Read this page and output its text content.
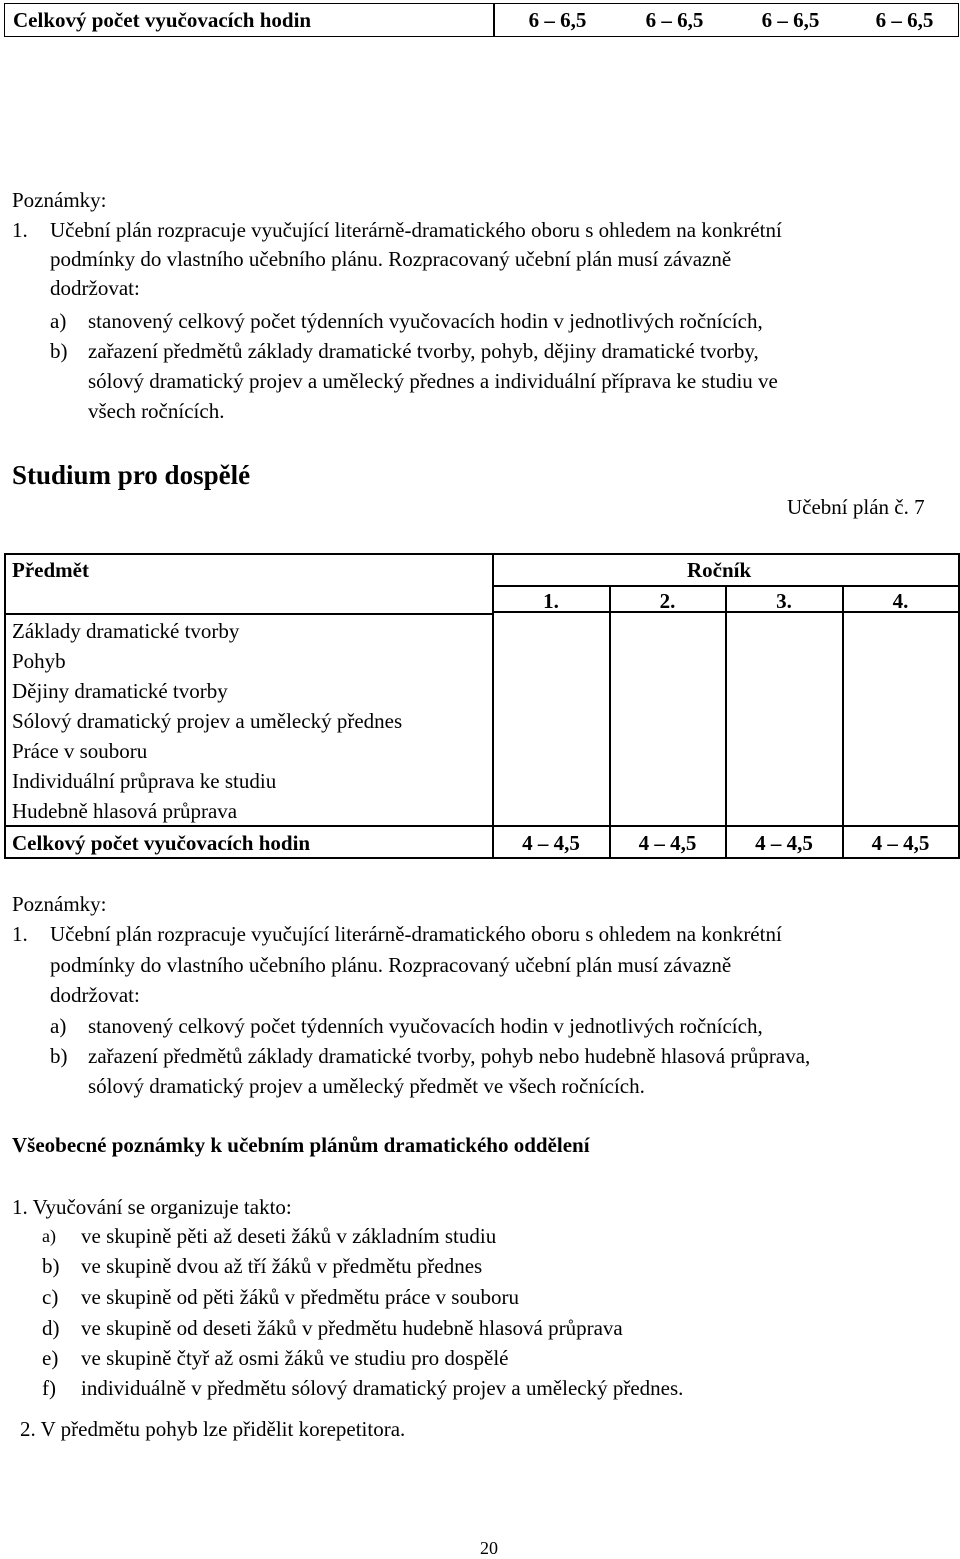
Celkový počet vyučovacích hodin	6 – 6,5	6 – 6,5	6 – 6,5	6 – 6,5
Poznámky:
1. Učební plán rozpracuje vyučující literárně-dramatického oboru s ohledem na konkrétní
podmínky do vlastního učebního plánu. Rozpracovaný učební plán musí závazně
dodržovat:
a) stanovený celkový počet týdenních vyučovacích hodin v jednotlivých ročnících,
b) zařazení předmětů základy dramatické tvorby, pohyb, dějiny dramatické tvorby,
sólový dramatický projev a umělecký přednes a individuální příprava ke studiu ve
všech ročnících.
Studium pro dospělé
Učební plán č. 7
Předmět	Ročník
1.	2.	3.	4.
Základy dramatické tvorby
Pohyb
Dějiny dramatické tvorby
Sólový dramatický projev a umělecký přednes
Práce v souboru
Individuální průprava ke studiu
Hudebně hlasová průprava
Celkový počet vyučovacích hodin	4 – 4,5	4 – 4,5	4 – 4,5	4 – 4,5
Poznámky:
1. Učební plán rozpracuje vyučující literárně-dramatického oboru s ohledem na konkrétní
podmínky do vlastního učebního plánu. Rozpracovaný učební plán musí závazně
dodržovat:
a) stanovený celkový počet týdenních vyučovacích hodin v jednotlivých ročnících,
b) zařazení předmětů základy dramatické tvorby, pohyb nebo hudebně hlasová průprava,
sólový dramatický projev a umělecký předmět ve všech ročnících.
Všeobecné poznámky k učebním plánům dramatického oddělení
1. Vyučování se organizuje takto:
a) ve skupině pěti až deseti žáků v základním studiu
b) ve skupině dvou až tří žáků v předmětu přednes
c) ve skupině od pěti žáků v předmětu práce v souboru
d) ve skupině od deseti žáků v předmětu hudebně hlasová průprava
e) ve skupině čtyř až osmi žáků ve studiu pro dospělé
f) individuálně v předmětu sólový dramatický projev a umělecký přednes.
2. V předmětu pohyb lze přidělit korepetitora.
20
